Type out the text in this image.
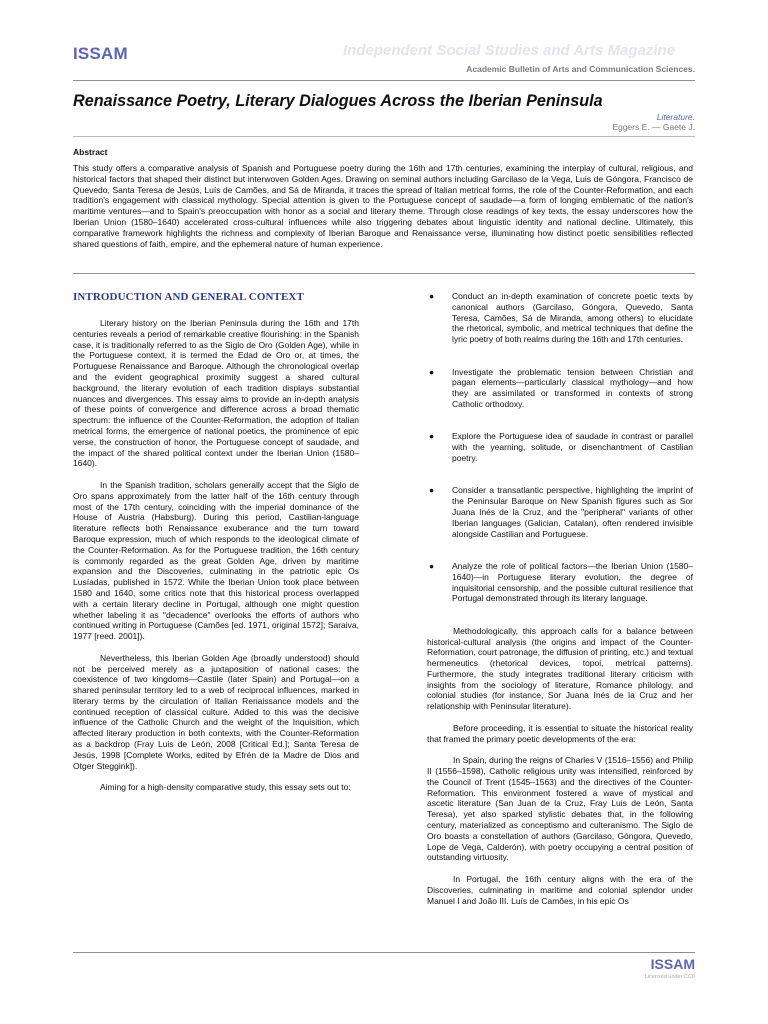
ISSAM	Independent Social Studies and Arts Magazine
Academic Bulletin of Arts and Communication Sciences.
Renaissance Poetry, Literary Dialogues Across the Iberian Peninsula
Literature.
Eggers E. — Gaete J.
Abstract

This study offers a comparative analysis of Spanish and Portuguese poetry during the 16th and 17th centuries, examining the interplay of cultural, religious, and historical factors that shaped their distinct but interwoven Golden Ages. Drawing on seminal authors including Garcilaso de la Vega, Luis de Góngora, Francisco de Quevedo, Santa Teresa de Jesús, Luís de Camões, and Sá de Miranda, it traces the spread of Italian metrical forms, the role of the Counter-Reformation, and each tradition's engagement with classical mythology. Special attention is given to the Portuguese concept of saudade—a form of longing emblematic of the nation's maritime ventures—and to Spain's preoccupation with honor as a social and literary theme. Through close readings of key texts, the essay underscores how the Iberian Union (1580–1640) accelerated cross-cultural influences while also triggering debates about linguistic identity and national decline. Ultimately, this comparative framework highlights the richness and complexity of Iberian Baroque and Renaissance verse, illuminating how distinct poetic sensibilities reflected shared questions of faith, empire, and the ephemeral nature of human experience.

INTRODUCTION AND GENERAL CONTEXT

Literary history on the Iberian Peninsula during the 16th and 17th centuries reveals a period of remarkable creative flourishing: in the Spanish case, it is traditionally referred to as the Siglo de Oro (Golden Age), while in the Portuguese context, it is termed the Edad de Oro or, at times, the Portuguese Renaissance and Baroque. Although the chronological overlap and the evident geographical proximity suggest a shared cultural background, the literary evolution of each tradition displays substantial nuances and divergences. This essay aims to provide an in-depth analysis of these points of convergence and difference across a broad thematic spectrum: the influence of the Counter-Reformation, the adoption of Italian metrical forms, the emergence of national poetics, the prominence of epic verse, the construction of honor, the Portuguese concept of saudade, and the impact of the shared political context under the Iberian Union (1580–1640).

In the Spanish tradition, scholars generally accept that the Siglo de Oro spans approximately from the latter half of the 16th century through most of the 17th century, coinciding with the imperial dominance of the House of Austria (Habsburg). During this period, Castilian-language literature reflects both Renaissance exuberance and the turn toward Baroque expression, much of which responds to the ideological climate of the Counter-Reformation. As for the Portuguese tradition, the 16th century is commonly regarded as the great Golden Age, driven by maritime expansion and the Discoveries, culminating in the patriotic epic Os Lusíadas, published in 1572. While the Iberian Union took place between 1580 and 1640, some critics note that this historical process overlapped with a certain literary decline in Portugal, although one might question whether labeling it as "decadence" overlooks the efforts of authors who continued writing in Portuguese (Camões [ed. 1971, original 1572]; Saraiva, 1977 [reed. 2001]).

Nevertheless, this Iberian Golden Age (broadly understood) should not be perceived merely as a juxtaposition of national cases: the coexistence of two kingdoms—Castile (later Spain) and Portugal—on a shared peninsular territory led to a web of reciprocal influences, marked in literary terms by the circulation of Italian Renaissance models and the continued reception of classical culture. Added to this was the decisive influence of the Catholic Church and the weight of the Inquisition, which affected literary production in both contexts, with the Counter-Reformation as a backdrop (Fray Luis de León, 2008 [Critical Ed.]; Santa Teresa de Jesús, 1998 [Complete Works, edited by Efrén de la Madre de Dios and Otger Steggink]).

Aiming for a high-density comparative study, this essay sets out to:

● Conduct an in-depth examination of concrete poetic texts by canonical authors (Garcilaso, Góngora, Quevedo, Santa Teresa, Camões, Sá de Miranda, among others) to elucidate the rhetorical, symbolic, and metrical techniques that define the lyric poetry of both realms during the 16th and 17th centuries.
● Investigate the problematic tension between Christian and pagan elements—particularly classical mythology—and how they are assimilated or transformed in contexts of strong Catholic orthodoxy.
● Explore the Portuguese idea of saudade in contrast or parallel with the yearning, solitude, or disenchantment of Castilian poetry.
● Consider a transatlantic perspective, highlighting the imprint of the Peninsular Baroque on New Spanish figures such as Sor Juana Inés de la Cruz, and the "peripheral" variants of other Iberian languages (Galician, Catalan), often rendered invisible alongside Castilian and Portuguese.
● Analyze the role of political factors—the Iberian Union (1580–1640)—in Portuguese literary evolution, the degree of inquisitorial censorship, and the possible cultural resilience that Portugal demonstrated through its literary language.

Methodologically, this approach calls for a balance between historical-cultural analysis (the origins and impact of the Counter-Reformation, court patronage, the diffusion of printing, etc.) and textual hermeneutics (rhetorical devices, topoi, metrical patterns). Furthermore, the study integrates traditional literary criticism with insights from the sociology of literature, Romance philology, and colonial studies (for instance, Sor Juana Inés de la Cruz and her relationship with Peninsular literature).

Before proceeding, it is essential to situate the historical reality that framed the primary poetic developments of the era:

In Spain, during the reigns of Charles V (1516–1556) and Philip II (1556–1598), Catholic religious unity was intensified, reinforced by the Council of Trent (1545–1563) and the directives of the Counter-Reformation. This environment fostered a wave of mystical and ascetic literature (San Juan de la Cruz, Fray Luis de León, Santa Teresa), yet also sparked stylistic debates that, in the following century, materialized as conceptismo and culteranismo. The Siglo de Oro boasts a constellation of authors (Garcilaso, Góngora, Quevedo, Lope de Vega, Calderón), with poetry occupying a central position of outstanding virtuosity.

In Portugal, the 16th century aligns with the era of the Discoveries, culminating in maritime and colonial splendor under Manuel I and João III. Luís de Camões, in his epic Os

ISSAM
Licensed under CC0
